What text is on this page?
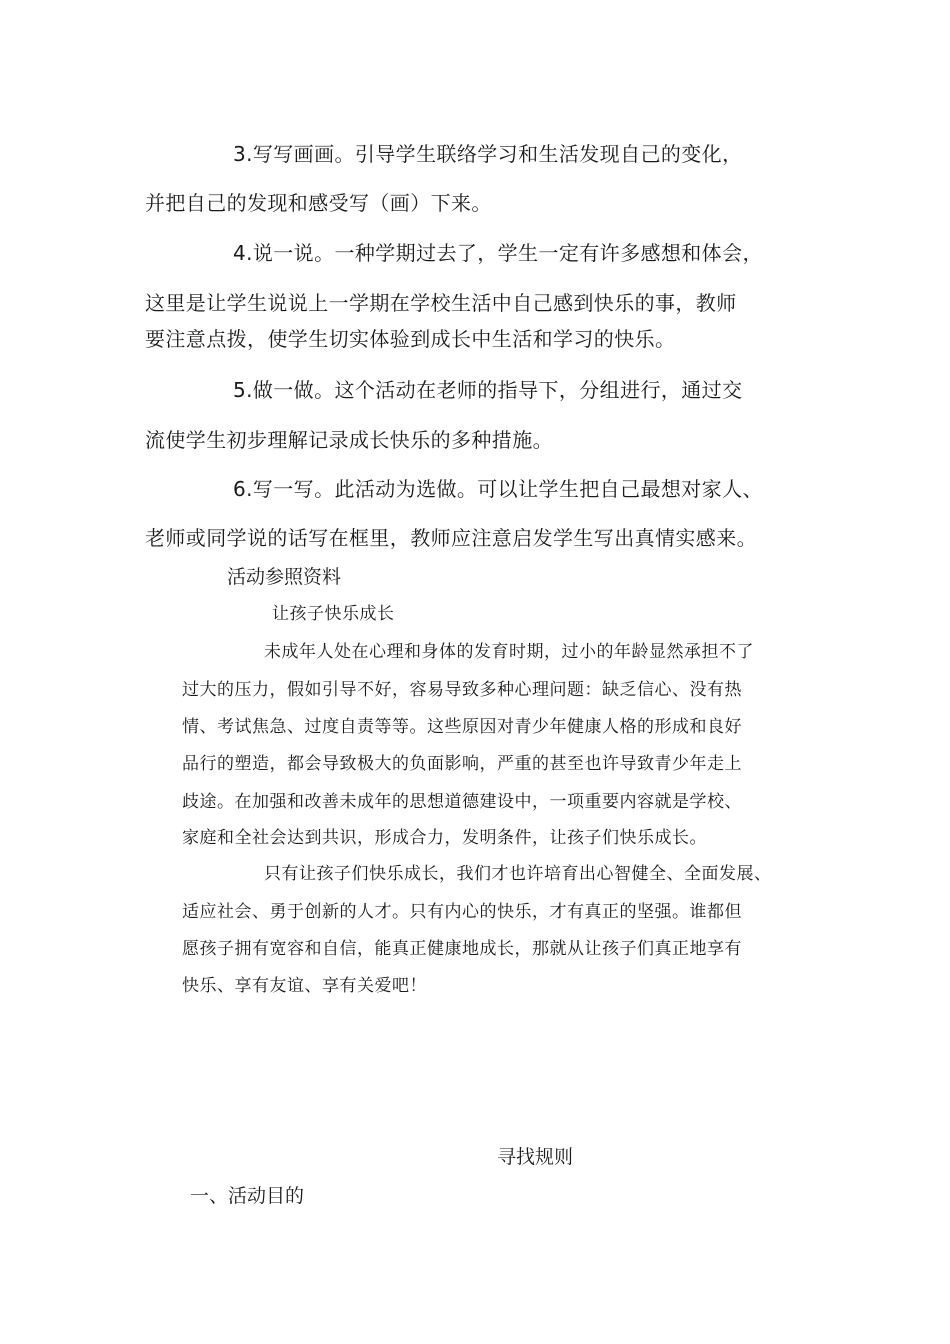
3.写写画画。引导学生联络学习和生活发现自己的变化，
并把自己的发现和感受写（画）下来。
4.说一说。一种学期过去了，学生一定有许多感想和体会，
这里是让学生说说上一学期在学校生活中自己感到快乐的事，教师
要注意点拨，使学生切实体验到成长中生活和学习的快乐。
5.做一做。这个活动在老师的指导下，分组进行，通过交
流使学生初步理解记录成长快乐的多种措施。
6.写一写。此活动为选做。可以让学生把自己最想对家人、
老师或同学说的话写在框里，教师应注意启发学生写出真情实感来。
活动参照资料
让孩子快乐成长
未成年人处在心理和身体的发育时期，过小的年龄显然承担不了
过大的压力，假如引导不好，容易导致多种心理问题：缺乏信心、没有热
情、考试焦急、过度自责等等。这些原因对青少年健康人格的形成和良好
品行的塑造，都会导致极大的负面影响，严重的甚至也许导致青少年走上
歧途。在加强和改善未成年的思想道德建设中，一项重要内容就是学校、
家庭和全社会达到共识，形成合力，发明条件，让孩子们快乐成长。
只有让孩子们快乐成长，我们才也许培育出心智健全、全面发展、
适应社会、勇于创新的人才。只有内心的快乐，才有真正的坚强。谁都但
愿孩子拥有宽容和自信，能真正健康地成长，那就从让孩子们真正地享有
快乐、享有友谊、享有关爱吧！
寻找规则
一、活动目的
